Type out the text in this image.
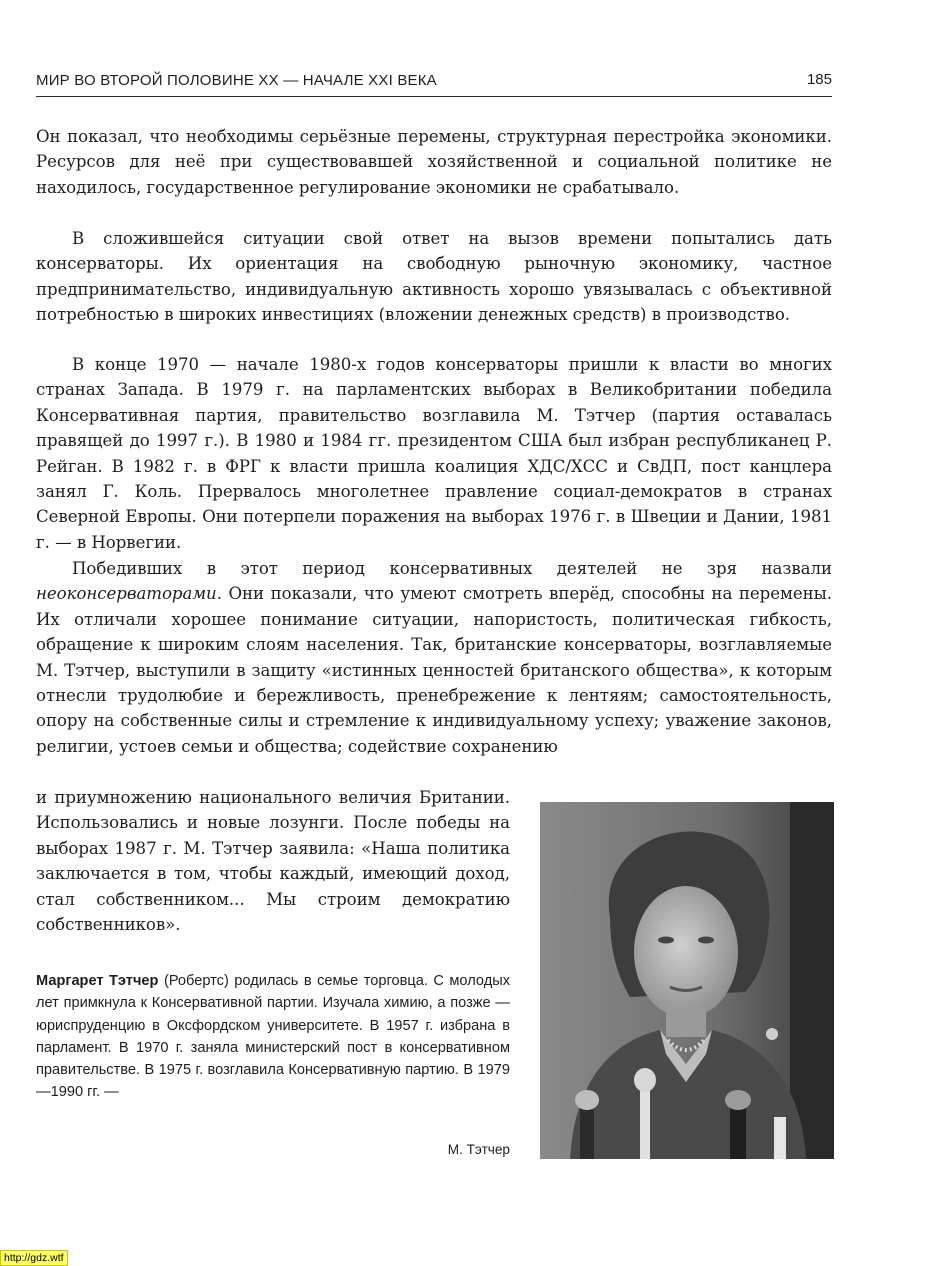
МИР ВО ВТОРОЙ ПОЛОВИНЕ XX — НАЧАЛЕ XXI ВЕКА	185

Он показал, что необходимы серьёзные перемены, структурная перестройка экономики. Ресурсов для неё при существовавшей хозяйственной и социальной политике не находилось, государственное регулирование экономики не срабатывало.

В сложившейся ситуации свой ответ на вызов времени попытались дать консерваторы. Их ориентация на свободную рыночную экономику, частное предпринимательство, индивидуальную активность хорошо увязывалась с объективной потребностью в широких инвестициях (вложении денежных средств) в производство.

В конце 1970 — начале 1980-х годов консерваторы пришли к власти во многих странах Запада. В 1979 г. на парламентских выборах в Великобритании победила Консервативная партия, правительство возглавила М. Тэтчер (партия оставалась правящей до 1997 г.). В 1980 и 1984 гг. президентом США был избран республиканец Р. Рейган. В 1982 г. в ФРГ к власти пришла коалиция ХДС/ХСС и СвДП, пост канцлера занял Г. Коль. Прервалось многолетнее правление социал-демократов в странах Северной Европы. Они потерпели поражения на выборах 1976 г. в Швеции и Дании, 1981 г. — в Норвегии.

Победивших в этот период консервативных деятелей не зря назвали неоконсерваторами. Они показали, что умеют смотреть вперёд, способны на перемены. Их отличали хорошее понимание ситуации, напористость, политическая гибкость, обращение к широким слоям населения. Так, британские консерваторы, возглавляемые М. Тэтчер, выступили в защиту «истинных ценностей британского общества», к которым отнесли трудолюбие и бережливость, пренебрежение к лентяям; самостоятельность, опору на собственные силы и стремление к индивидуальному успеху; уважение законов, религии, устоев семьи и общества; содействие сохранению

и приумножению национального величия Британии. Использовались и новые лозунги. После победы на выборах 1987 г. М. Тэтчер заявила: «Наша политика заключается в том, чтобы каждый, имеющий доход, стал собственником... Мы строим демократию собственников».

Маргарет Тэтчер (Робертс) родилась в семье торговца. С молодых лет примкнула к Консервативной партии. Изучала химию, а позже — юриспруденцию в Оксфордском университете. В 1957 г. избрана в парламент. В 1970 г. заняла министерский пост в консервативном правительстве. В 1975 г. возглавила Консервативную партию. В 1979—1990 гг. —

М. Тэтчер
http://gdz.wtf
